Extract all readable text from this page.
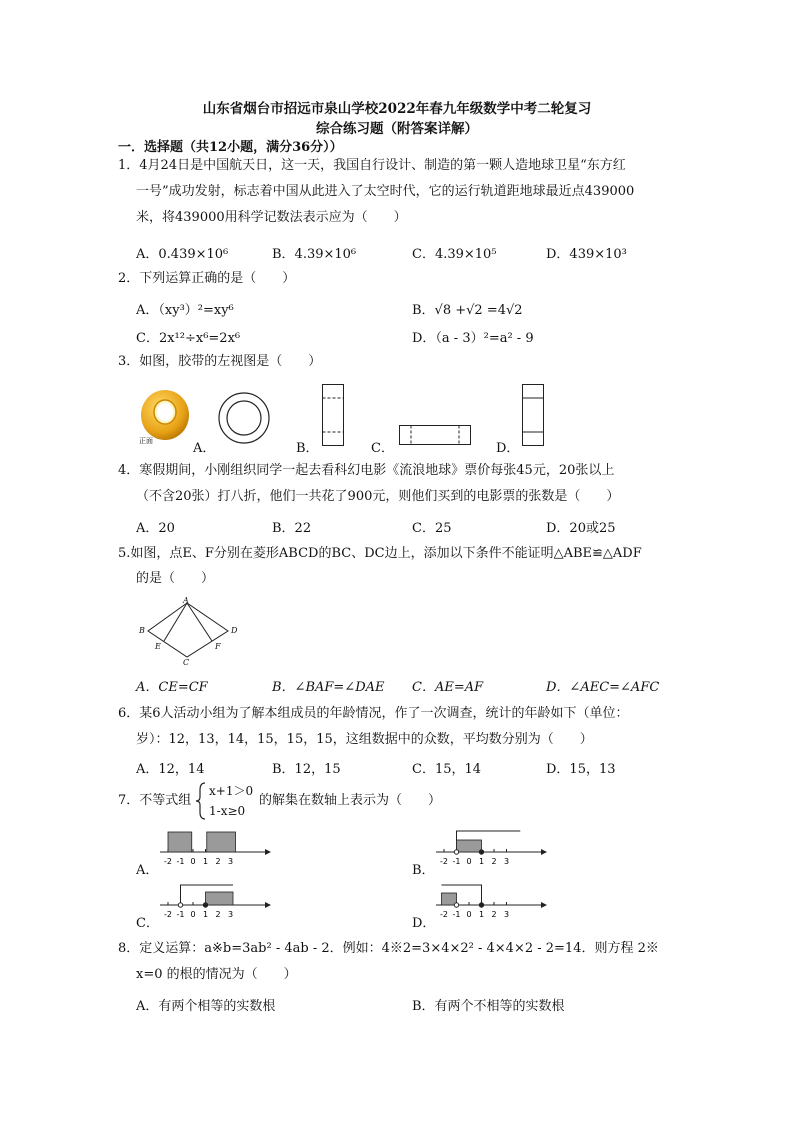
山东省烟台市招远市泉山学校2022年春九年级数学中考二轮复习
综合练习题（附答案详解）
一．选择题（共12小题，满分36分））
1．4月24日是中国航天日，这一天，我国自行设计、制造的第一颗人造地球卫星“东方红
一号”成功发射，标志着中国从此进入了太空时代，它的运行轨道距地球最近点439000
米，将439000用科学记数法表示应为（　　）
A．0.439×10⁶	B．4.39×10⁶	C．4.39×10⁵	D．439×10³
2．下列运算正确的是（　　）
A．（xy³）²=xy⁶	B．√8 +√2 =4√2
C．2x¹²÷x⁶=2x⁶	D．（a - 3）²=a² - 9
3．如图，胶带的左视图是（　　）
正面	A．	B．	C．	D．
4．寒假期间，小刚组织同学一起去看科幻电影《流浪地球》票价每张45元，20张以上
（不含20张）打八折，他们一共花了900元，则他们买到的电影票的张数是（　　）
A．20	B．22	C．25	D．20或25
5.如图，点E、F分别在菱形ABCD的BC、DC边上，添加以下条件不能证明△ABE≌△ADF
的是（　　）
A
B
C
D
E	F
A．CE=CF	B．∠BAF=∠DAE C．AE=AF	D．∠AEC=∠AFC
6．某6人活动小组为了解本组成员的年龄情况，作了一次调查，统计的年龄如下（单位：
岁）：12，13，14，15，15，15，这组数据中的众数，平均数分别为（　　）
A．12，14	B．12，15	C．15，14	D．15，13
7．不等式组
x+1＞0
1-x≥0
的解集在数轴上表示为（　　）
A．
-2 -1 0 1 2 3
B．
-2 -1 0 1 2 3
C．
-2 -1 0 1 2 3
D．
-2 -1 0 1 2 3
8．定义运算：a※b=3ab² - 4ab - 2．例如：4※2=3×4×2² - 4×4×2 - 2=14．则方程 2※
x=0 的根的情况为（　　）
A．有两个相等的实数根	B．有两个不相等的实数根
